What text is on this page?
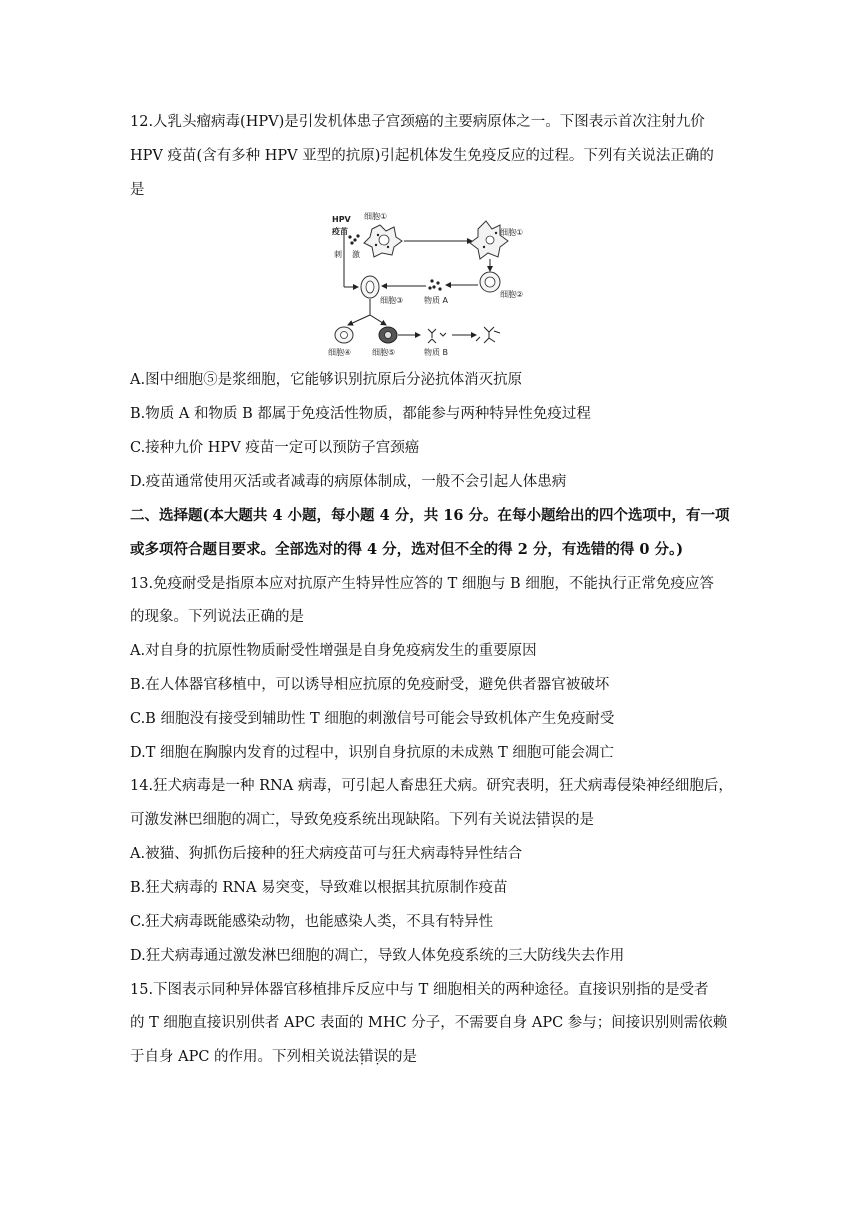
12.人乳头瘤病毒(HPV)是引发机体患子宫颈癌的主要病原体之一。下图表示首次注射九价
HPV 疫苗(含有多种 HPV 亚型的抗原)引起机体发生免疫反应的过程。下列有关说法正确的
是
HPV
疫苗
细胞①
细胞①
细胞②
物质 A
刺 激
细胞③
细胞④	细胞⑤	物质 B
A.图中细胞⑤是浆细胞，它能够识别抗原后分泌抗体消灭抗原
B.物质 A 和物质 B 都属于免疫活性物质，都能参与两种特异性免疫过程
C.接种九价 HPV 疫苗一定可以预防子宫颈癌
D.疫苗通常使用灭活或者减毒的病原体制成，一般不会引起人体患病
二、选择题(本大题共 4 小题，每小题 4 分，共 16 分。在每小题给出的四个选项中，有一项
或多项符合题目要求。全部选对的得 4 分，选对但不全的得 2 分，有选错的得 0 分。)
13.免疫耐受是指原本应对抗原产生特异性应答的 T 细胞与 B 细胞，不能执行正常免疫应答
的现象。下列说法正确的是
A.对自身的抗原性物质耐受性增强是自身免疫病发生的重要原因
B.在人体器官移植中，可以诱导相应抗原的免疫耐受，避免供者器官被破坏
C.B 细胞没有接受到辅助性 T 细胞的刺激信号可能会导致机体产生免疫耐受
D.T 细胞在胸腺内发育的过程中，识别自身抗原的未成熟 T 细胞可能会凋亡
14.狂犬病毒是一种 RNA 病毒，可引起人畜患狂犬病。研究表明，狂犬病毒侵染神经细胞后，
可激发淋巴细胞的凋亡，导致免疫系统出现缺陷。下列有关说法错误 · ·的是
A.被猫、狗抓伤后接种的狂犬病疫苗可与狂犬病毒特异性结合
B.狂犬病毒的 RNA 易突变，导致难以根据其抗原制作疫苗
C.狂犬病毒既能感染动物，也能感染人类，不具有特异性
D.狂犬病毒通过激发淋巴细胞的凋亡，导致人体免疫系统的三大防线失去作用
15.下图表示同种异体器官移植排斥反应中与 T 细胞相关的两种途径。直接识别指的是受者
的 T 细胞直接识别供者 APC 表面的 MHC 分子，不需要自身 APC 参与；间接识别则需依赖
于自身 APC 的作用。下列相关说法错误 · ·的是
